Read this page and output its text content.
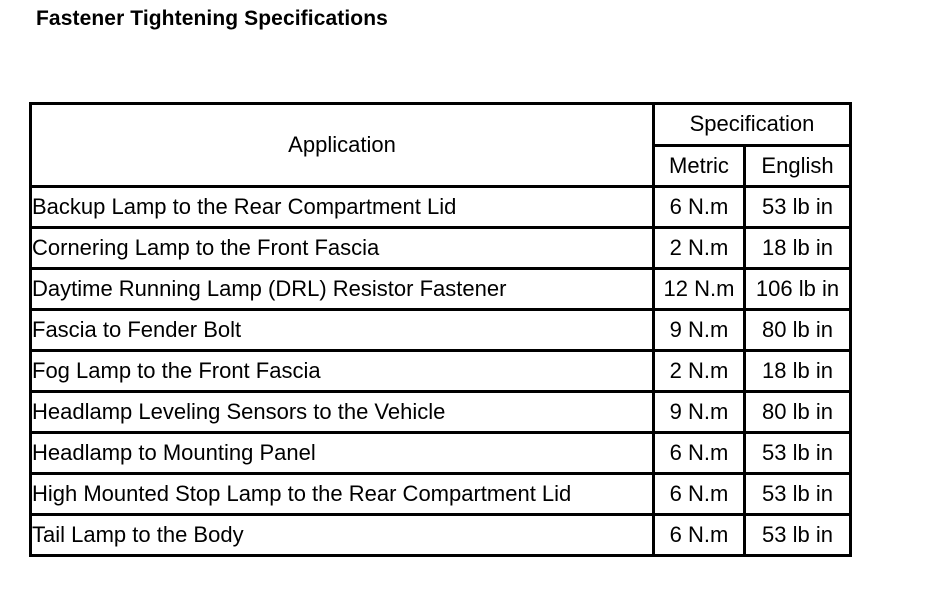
Fastener Tightening Specifications
Application	Specification	
	Metric	English
Backup Lamp to the Rear Compartment Lid	6 N.m	53 lb in
Cornering Lamp to the Front Fascia	2 N.m	18 lb in
Daytime Running Lamp (DRL) Resistor Fastener	12 N.m	106 lb in
Fascia to Fender Bolt	9 N.m	80 lb in
Fog Lamp to the Front Fascia	2 N.m	18 lb in
Headlamp Leveling Sensors to the Vehicle	9 N.m	80 lb in
Headlamp to Mounting Panel	6 N.m	53 lb in
High Mounted Stop Lamp to the Rear Compartment Lid	6 N.m	53 lb in
Tail Lamp to the Body	6 N.m	53 lb in
